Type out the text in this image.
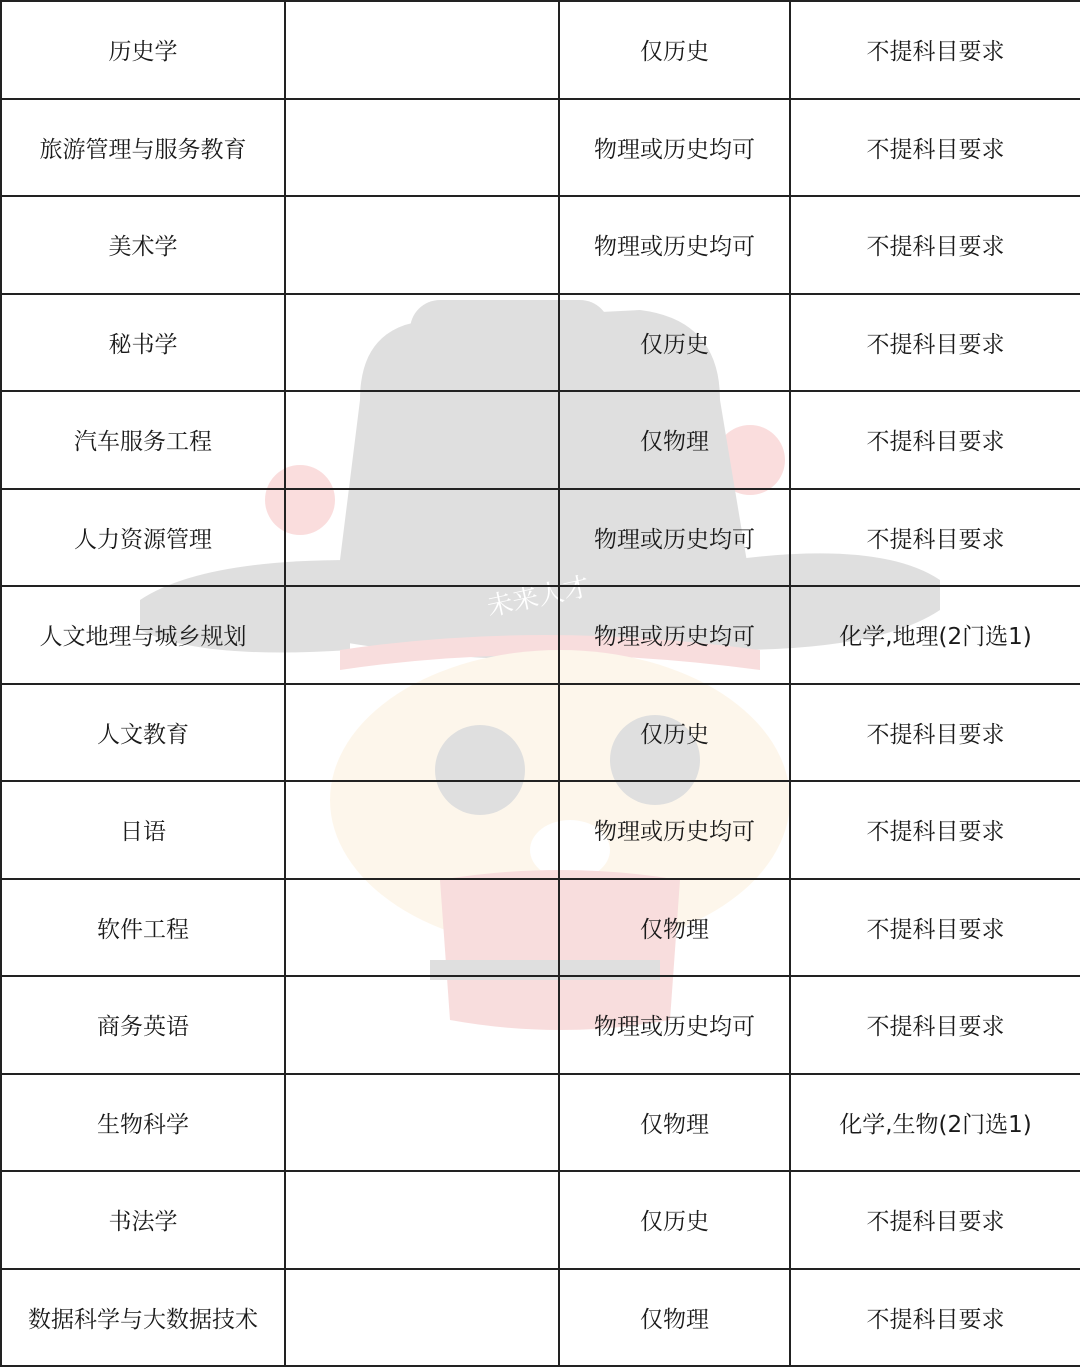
未来人才
历史学		仅历史	不提科目要求
旅游管理与服务教育		物理或历史均可	不提科目要求
美术学		物理或历史均可	不提科目要求
秘书学		仅历史	不提科目要求
汽车服务工程		仅物理	不提科目要求
人力资源管理		物理或历史均可	不提科目要求
人文地理与城乡规划		物理或历史均可	化学,地理(2门选1)
人文教育		仅历史	不提科目要求
日语		物理或历史均可	不提科目要求
软件工程		仅物理	不提科目要求
商务英语		物理或历史均可	不提科目要求
生物科学		仅物理	化学,生物(2门选1)
书法学		仅历史	不提科目要求
数据科学与大数据技术		仅物理	不提科目要求
